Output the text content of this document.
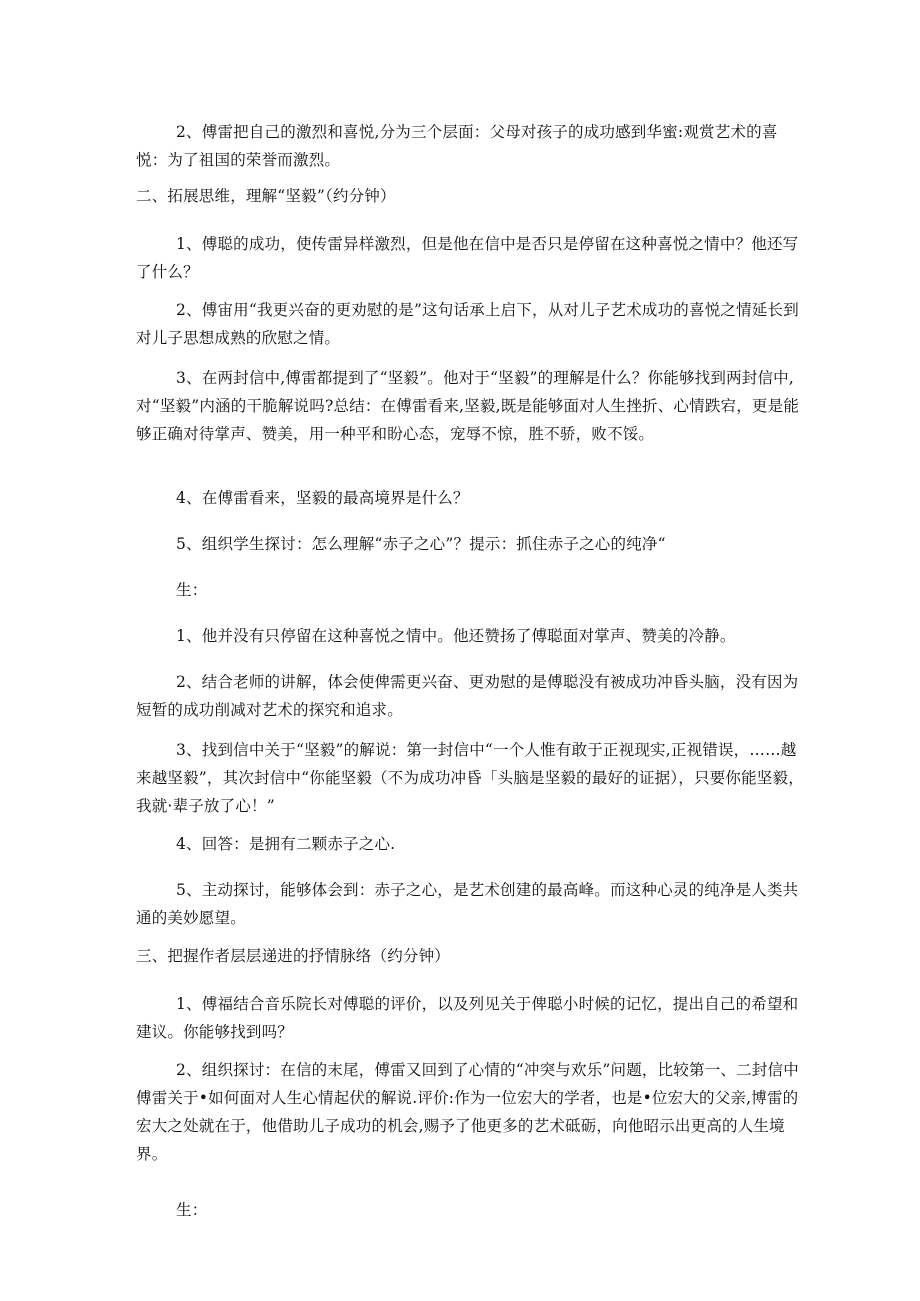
2、傅雷把自己的激烈和喜悦,分为三个层面：父母对孩子的成功感到华蜜:观赏艺术的喜悦：为了祖国的荣誉而激烈。

二、拓展思维，理解“坚毅”（约分钟）

1、傅聪的成功，使传雷异样激烈，但是他在信中是否只是停留在这种喜悦之情中？他还写了什么？

2、傅宙用“我更兴奋的更劝慰的是”这句话承上启下，从对儿子艺术成功的喜悦之情延长到对儿子思想成熟的欣慰之情。

3、在两封信中,傅雷都提到了“坚毅”。他对于“坚毅”的理解是什么？你能够找到两封信中,对“坚毅”内涵的干脆解说吗?总结：在傅雷看来,坚毅,既是能够面对人生挫折、心情跌宕，更是能够正确对待掌声、赞美，用一种平和盼心态，宠辱不惊，胜不骄，败不馁。

4、在傅雷看来，坚毅的最高境界是什么？

5、组织学生探讨：怎么理解“赤子之心”？提示：抓住赤子之心的纯净“

生：

1、他并没有只停留在这种喜悦之情中。他还赞扬了傅聪面对掌声、赞美的冷静。

2、结合老师的讲解，体会使俾需更兴奋、更劝慰的是傅聪没有被成功冲昏头脑，没有因为短暂的成功削减对艺术的探究和追求。

3、找到信中关于“坚毅”的解说：第一封信中“一个人惟有敢于正视现实,正视错误，……越来越坚毅”，其次封信中“你能坚毅（不为成功冲昏「头脑是坚毅的最好的证据），只要你能坚毅，我就·辈子放了心！”

4、回答：是拥有二颗赤子之心.

5、主动探讨，能够体会到：赤子之心，是艺术创建的最高峰。而这种心灵的纯净是人类共通的美妙愿望。

三、把握作者层层递进的抒情脉络（约分钟）

1、傅福结合音乐院长对傅聪的评价，以及列见关于俾聪小时候的记忆，提出自己的希望和建议。你能够找到吗？

2、组织探讨：在信的末尾，傅雷又回到了心情的“冲突与欢乐”问题，比较第一、二封信中傅雷关于•如何面对人生心情起伏的解说.评价:作为一位宏大的学者，也是•位宏大的父亲,博雷的宏大之处就在于，他借助儿子成功的机会,赐予了他更多的艺术砥砺，向他昭示出更高的人生境界。

生：
